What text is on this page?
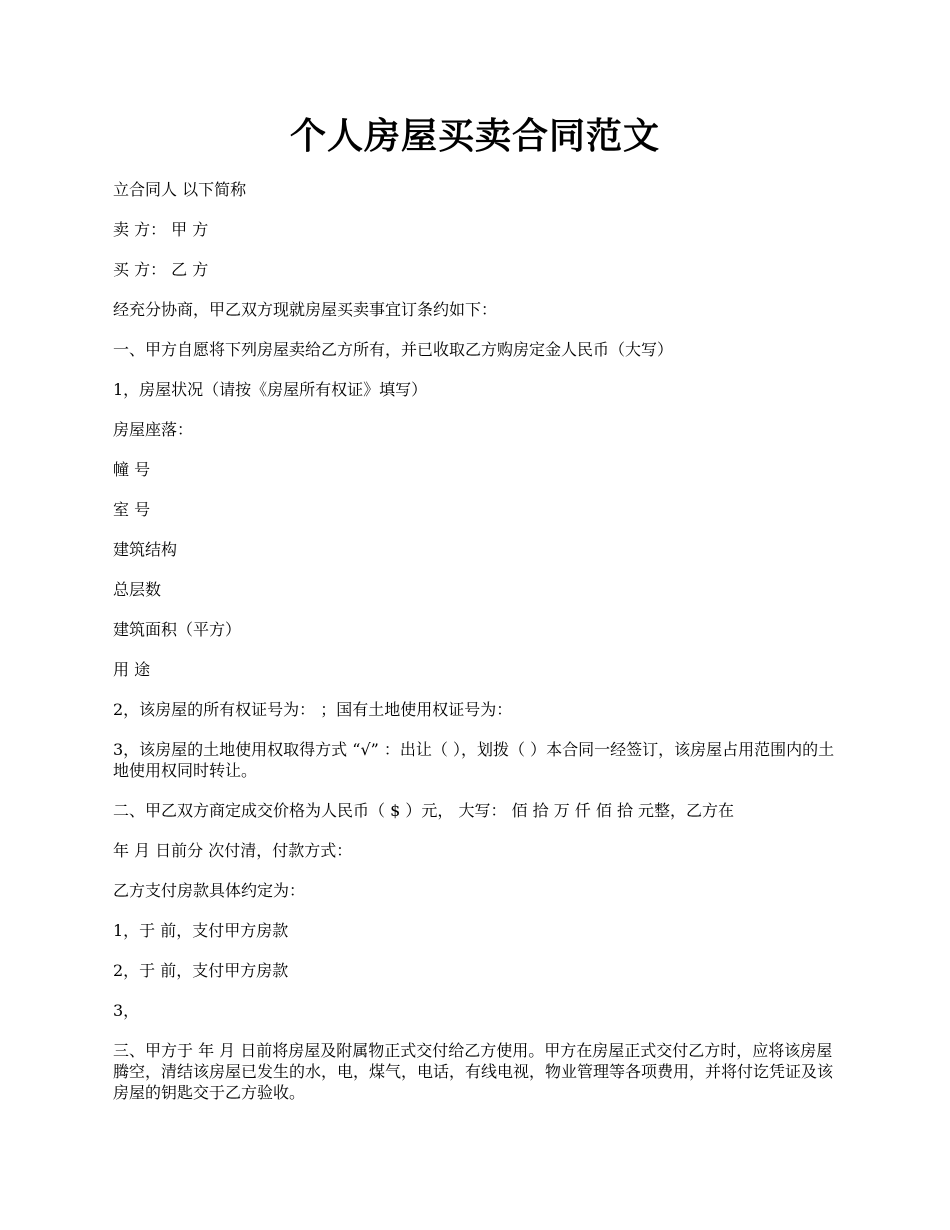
个人房屋买卖合同范文

立合同人 以下简称

卖 方： 甲 方

买 方： 乙 方

经充分协商，甲乙双方现就房屋买卖事宜订条约如下：

一、甲方自愿将下列房屋卖给乙方所有，并已收取乙方购房定金人民币（大写）

1，房屋状况（请按《房屋所有权证》填写）

房屋座落：

幢 号

室 号

建筑结构

总层数

建筑面积（平方）

用 途

2，该房屋的所有权证号为： ；国有土地使用权证号为：

3，该房屋的土地使用权取得方式 “√” ：出让（ ），划拨（ ）本合同一经签订，该房屋占用范围内的土地使用权同时转让。

二、甲乙双方商定成交价格为人民币（ $ ）元， 大写： 佰 拾 万 仟 佰 拾 元整，乙方在

年 月 日前分 次付清，付款方式：

乙方支付房款具体约定为：

1，于 前，支付甲方房款

2，于 前，支付甲方房款

3，

三、甲方于 年 月 日前将房屋及附属物正式交付给乙方使用。甲方在房屋正式交付乙方时，应将该房屋腾空，清结该房屋已发生的水，电，煤气，电话，有线电视，物业管理等各项费用，并将付讫凭证及该房屋的钥匙交于乙方验收。
